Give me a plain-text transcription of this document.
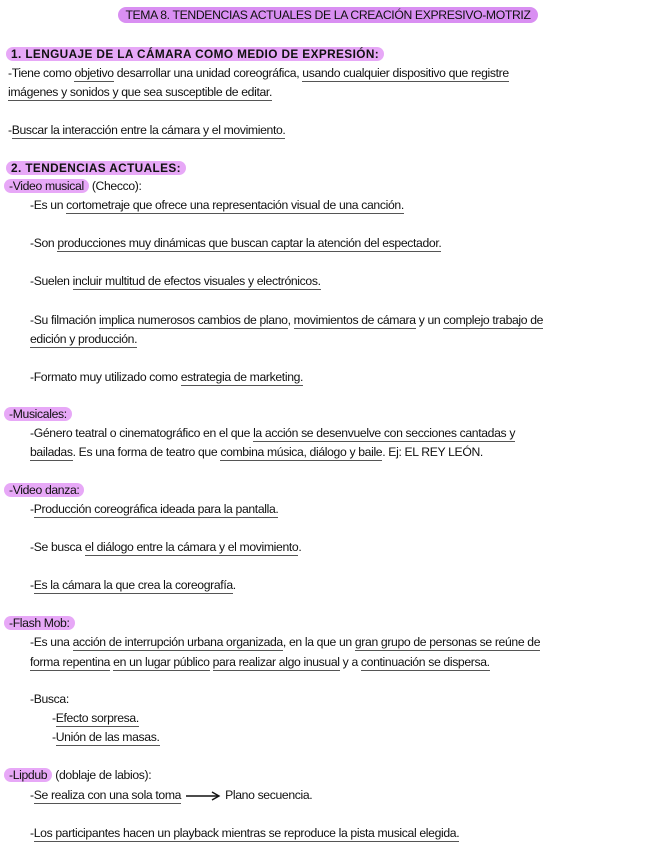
TEMA 8. TENDENCIAS ACTUALES DE LA CREACIÓN EXPRESIVO-MOTRIZ
1. LENGUAJE DE LA CÁMARA COMO MEDIO DE EXPRESIÓN:
-Tiene como objetivo desarrollar una unidad coreográfica, usando cualquier dispositivo que registre
imágenes y sonidos y que sea susceptible de editar.
-Buscar la interacción entre la cámara y el movimiento.
2. TENDENCIAS ACTUALES:
-Video musical (Checco):
-Es un cortometraje que ofrece una representación visual de una canción.
-Son producciones muy dinámicas que buscan captar la atención del espectador.
-Suelen incluir multitud de efectos visuales y electrónicos.
-Su filmación implica numerosos cambios de plano, movimientos de cámara y un complejo trabajo de
edición y producción.
-Formato muy utilizado como estrategia de marketing.
-Musicales:
-Género teatral o cinematográfico en el que la acción se desenvuelve con secciones cantadas y
bailadas. Es una forma de teatro que combina música, diálogo y baile. Ej: EL REY LEÓN.
-Video danza:
-Producción coreográfica ideada para la pantalla.
-Se busca el diálogo entre la cámara y el movimiento.
-Es la cámara la que crea la coreografía.
-Flash Mob:
-Es una acción de interrupción urbana organizada, en la que un gran grupo de personas se reúne de
forma repentina en un lugar público para realizar algo inusual y a continuación se dispersa.
-Busca:
-Efecto sorpresa.
-Unión de las masas.
-Lipdub (doblaje de labios):
-Se realiza con una sola toma	Plano secuencia.
-Los participantes hacen un playback mientras se reproduce la pista musical elegida.
